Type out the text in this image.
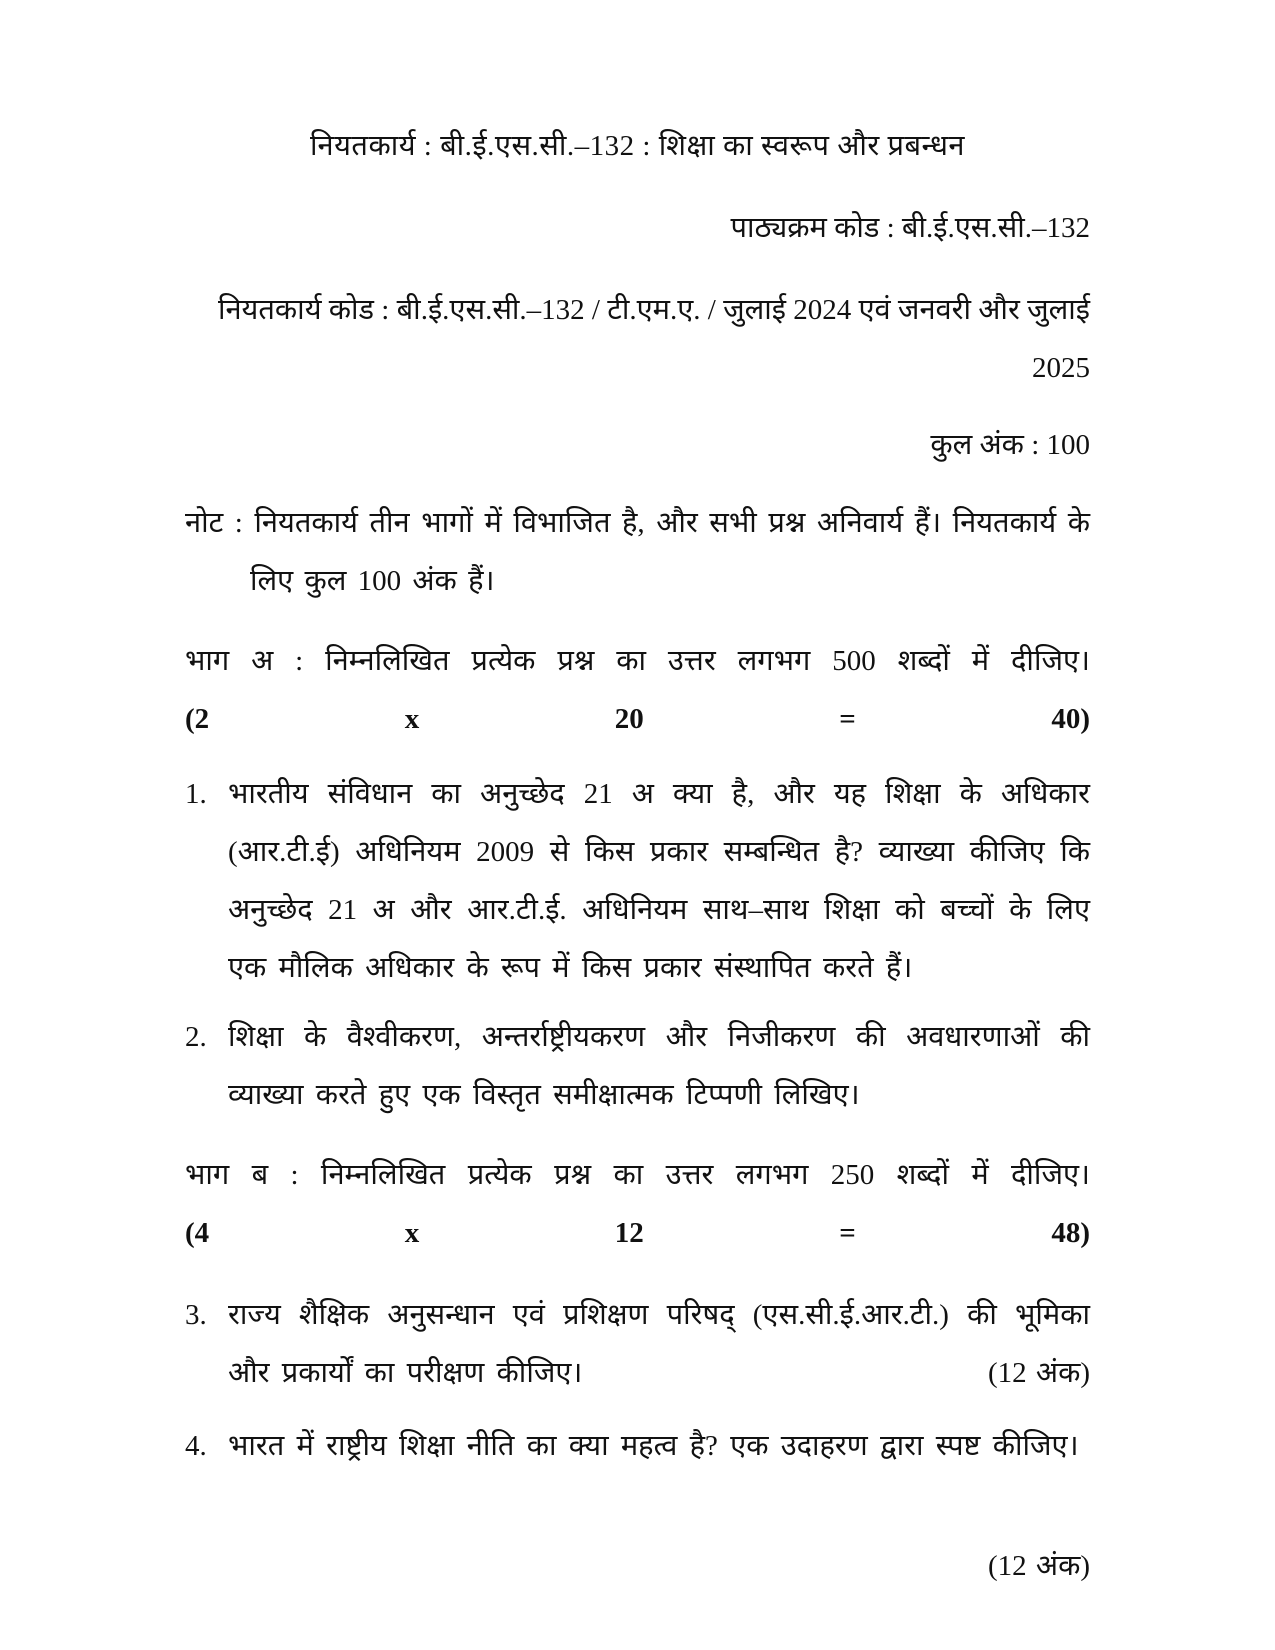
नियतकार्य : बी.ई.एस.सी.–132 : शिक्षा का स्वरूप और प्रबन्धन

पाठ्यक्रम कोड : बी.ई.एस.सी.–132

नियतकार्य कोड : बी.ई.एस.सी.–132 / टी.एम.ए. / जुलाई 2024 एवं जनवरी और जुलाई 2025

कुल अंक : 100

नोट : नियतकार्य तीन भागों में विभाजित है, और सभी प्रश्न अनिवार्य हैं। नियतकार्य के लिए कुल 100 अंक हैं।

भाग अ : निम्नलिखित प्रत्येक प्रश्न का उत्तर लगभग 500 शब्दों में दीजिए। (2 x 20 = 40)

1. भारतीय संविधान का अनुच्छेद 21 अ क्या है, और यह शिक्षा के अधिकार (आर.टी.ई) अधिनियम 2009 से किस प्रकार सम्बन्धित है? व्याख्या कीजिए कि अनुच्छेद 21 अ और आर.टी.ई. अधिनियम साथ–साथ शिक्षा को बच्चों के लिए एक मौलिक अधिकार के रूप में किस प्रकार संस्थापित करते हैं।
2. शिक्षा के वैश्वीकरण, अन्तर्राष्ट्रीयकरण और निजीकरण की अवधारणाओं की व्याख्या करते हुए एक विस्तृत समीक्षात्मक टिप्पणी लिखिए।

भाग ब : निम्नलिखित प्रत्येक प्रश्न का उत्तर लगभग 250 शब्दों में दीजिए। (4 x 12 = 48)

3. राज्य शैक्षिक अनुसन्धान एवं प्रशिक्षण परिषद् (एस.सी.ई.आर.टी.) की भूमिका और प्रकार्यों का परीक्षण कीजिए।	(12 अंक)
4. भारत में राष्ट्रीय शिक्षा नीति का क्या महत्व है? एक उदाहरण द्वारा स्पष्ट कीजिए।

(12 अंक)
